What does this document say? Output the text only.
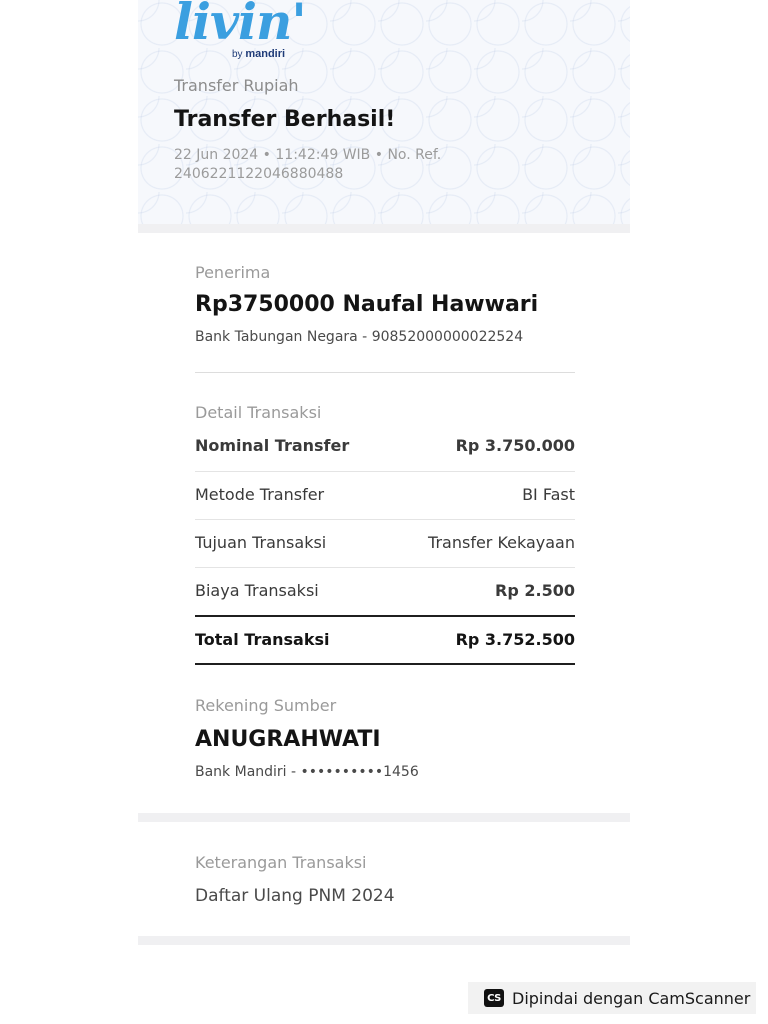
livin'
by mandiri
Transfer Rupiah
Transfer Berhasil!
22 Jun 2024 • 11:42:49 WIB • No. Ref.
2406221122046880488
Penerima
Rp3750000 Naufal Hawwari
Bank Tabungan Negara - 90852000000022524
Detail Transaksi
Nominal Transfer	Rp 3.750.000
Metode Transfer	BI Fast
Tujuan Transaksi	Transfer Kekayaan
Biaya Transaksi	Rp 2.500
Total Transaksi	Rp 3.752.500
Rekening Sumber
ANUGRAHWATI
Bank Mandiri - ••••••••••1456
Keterangan Transaksi
Daftar Ulang PNM 2024
CS Dipindai dengan CamScanner
